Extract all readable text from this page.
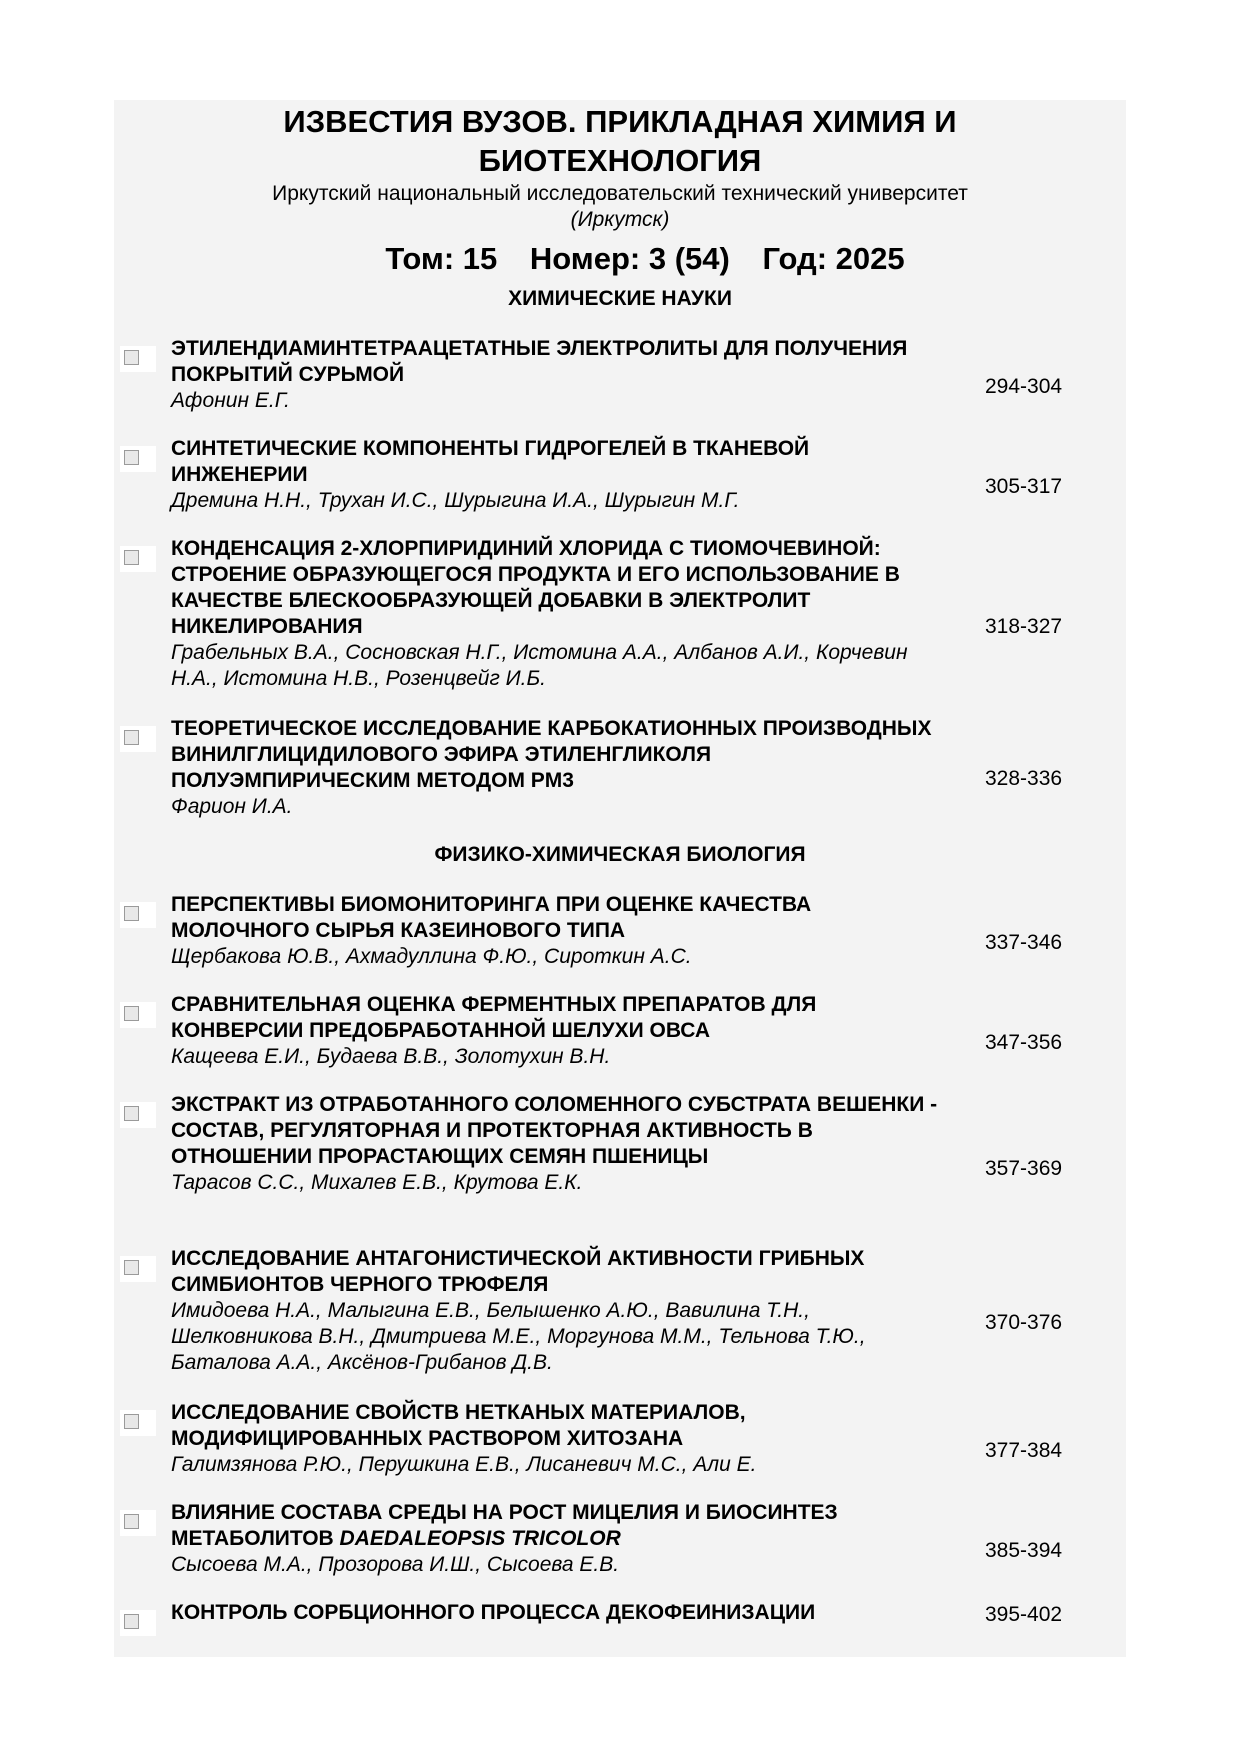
ИЗВЕСТИЯ ВУЗОВ. ПРИКЛАДНАЯ ХИМИЯ И БИОТЕХНОЛОГИЯ
Иркутский национальный исследовательский технический университет
(Иркутск)
Том: 15 Номер: 3 (54) Год: 2025
ХИМИЧЕСКИЕ НАУКИ
ЭТИЛЕНДИАМИНТЕТРААЦЕТАТНЫЕ ЭЛЕКТРОЛИТЫ ДЛЯ ПОЛУЧЕНИЯ ПОКРЫТИЙ СУРЬМОЙ
Афонин Е.Г.
294-304
СИНТЕТИЧЕСКИЕ КОМПОНЕНТЫ ГИДРОГЕЛЕЙ В ТКАНЕВОЙ ИНЖЕНЕРИИ
Дремина Н.Н., Трухан И.С., Шурыгина И.А., Шурыгин М.Г.
305-317
КОНДЕНСАЦИЯ 2-ХЛОРПИРИДИНИЙ ХЛОРИДА С ТИОМОЧЕВИНОЙ: СТРОЕНИЕ ОБРАЗУЮЩЕГОСЯ ПРОДУКТА И ЕГО ИСПОЛЬЗОВАНИЕ В КАЧЕСТВЕ БЛЕСКООБРАЗУЮЩЕЙ ДОБАВКИ В ЭЛЕКТРОЛИТ НИКЕЛИРОВАНИЯ
Грабельных В.А., Сосновская Н.Г., Истомина А.А., Албанов А.И., Корчевин Н.А., Истомина Н.В., Розенцвейг И.Б.
318-327
ТЕОРЕТИЧЕСКОЕ ИССЛЕДОВАНИЕ КАРБОКАТИОННЫХ ПРОИЗВОДНЫХ ВИНИЛГЛИЦИДИЛОВОГО ЭФИРА ЭТИЛЕНГЛИКОЛЯ ПОЛУЭМПИРИЧЕСКИМ МЕТОДОМ PM3
Фарион И.А.
328-336
ФИЗИКО-ХИМИЧЕСКАЯ БИОЛОГИЯ
ПЕРСПЕКТИВЫ БИОМОНИТОРИНГА ПРИ ОЦЕНКЕ КАЧЕСТВА МОЛОЧНОГО СЫРЬЯ КАЗЕИНОВОГО ТИПА
Щербакова Ю.В., Ахмадуллина Ф.Ю., Сироткин А.С.
337-346
СРАВНИТЕЛЬНАЯ ОЦЕНКА ФЕРМЕНТНЫХ ПРЕПАРАТОВ ДЛЯ КОНВЕРСИИ ПРЕДОБРАБОТАННОЙ ШЕЛУХИ ОВСА
Кащеева Е.И., Будаева В.В., Золотухин В.Н.
347-356
ЭКСТРАКТ ИЗ ОТРАБОТАННОГО СОЛОМЕННОГО СУБСТРАТА ВЕШЕНКИ - СОСТАВ, РЕГУЛЯТОРНАЯ И ПРОТЕКТОРНАЯ АКТИВНОСТЬ В ОТНОШЕНИИ ПРОРАСТАЮЩИХ СЕМЯН ПШЕНИЦЫ
Тарасов С.С., Михалев Е.В., Крутова Е.К.
357-369
ИССЛЕДОВАНИЕ АНТАГОНИСТИЧЕСКОЙ АКТИВНОСТИ ГРИБНЫХ СИМБИОНТОВ ЧЕРНОГО ТРЮФЕЛЯ
Имидоева Н.А., Малыгина Е.В., Белышенко А.Ю., Вавилина Т.Н., Шелковникова В.Н., Дмитриева М.Е., Моргунова М.М., Тельнова Т.Ю., Баталова А.А., Аксёнов-Грибанов Д.В.
370-376
ИССЛЕДОВАНИЕ СВОЙСТВ НЕТКАНЫХ МАТЕРИАЛОВ, МОДИФИЦИРОВАННЫХ РАСТВОРОМ ХИТОЗАНА
Галимзянова Р.Ю., Перушкина Е.В., Лисаневич М.С., Али Е.
377-384
ВЛИЯНИЕ СОСТАВА СРЕДЫ НА РОСТ МИЦЕЛИЯ И БИОСИНТЕЗ МЕТАБОЛИТОВ DAEDALEOPSIS TRICOLOR
Сысоева М.А., Прозорова И.Ш., Сысоева Е.В.
385-394
КОНТРОЛЬ СОРБЦИОННОГО ПРОЦЕССА ДЕКОФЕИНИЗАЦИИ	395-402
